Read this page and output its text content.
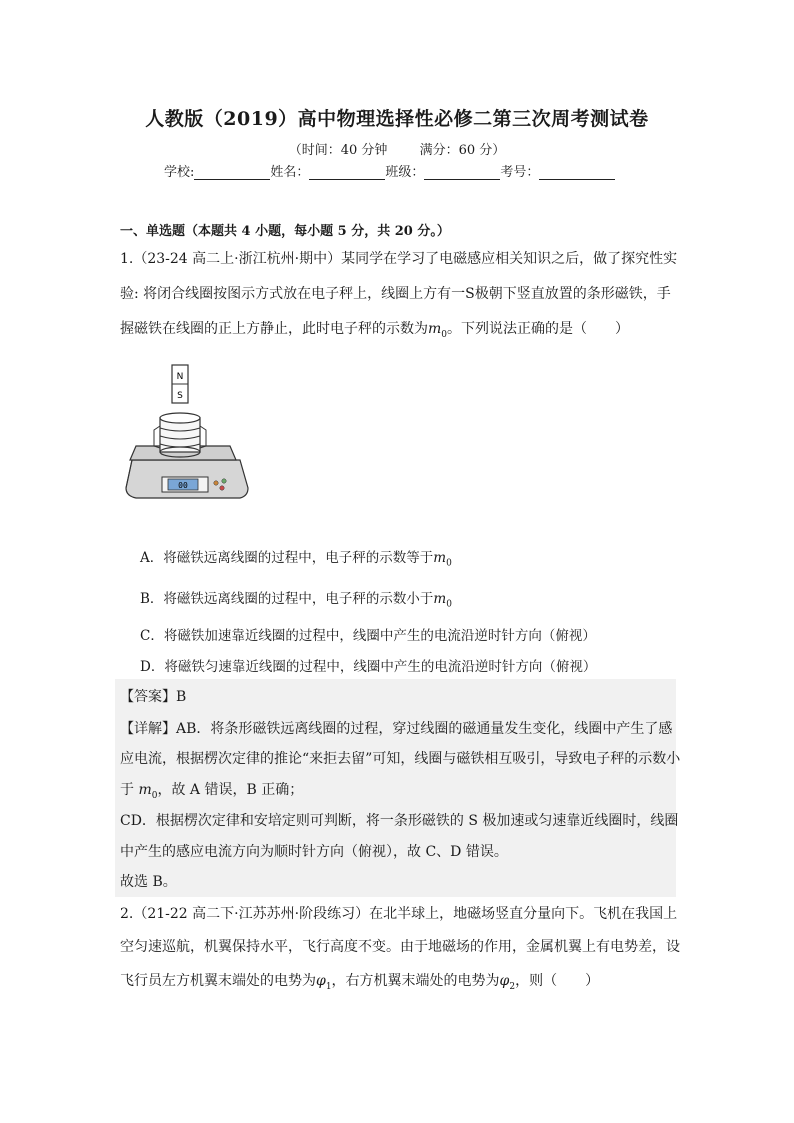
人教版（2019）高中物理选择性必修二第三次周考测试卷
（时间：40 分钟 满分：60 分）
学校:	姓名：	班级：	考号：
一、单选题（本题共 4 小题，每小题 5 分，共 20 分。）
1.（23-24 高二上·浙江杭州·期中）某同学在学习了电磁感应相关知识之后，做了探究性实
验: 将闭合线圈按图示方式放在电子秤上，线圈上方有一S极朝下竖直放置的条形磁铁，手
握磁铁在线圈的正上方静止，此时电子秤的示数为$m_0$。下列说法正确的是（　　）
N
S
00
A．将磁铁远离线圈的过程中，电子秤的示数等于$m_0$
B．将磁铁远离线圈的过程中，电子秤的示数小于$m_0$
C．将磁铁加速靠近线圈的过程中，线圈中产生的电流沿逆时针方向（俯视）
D．将磁铁匀速靠近线圈的过程中，线圈中产生的电流沿逆时针方向（俯视）
【答案】B
【详解】AB．将条形磁铁远离线圈的过程，穿过线圈的磁通量发生变化，线圈中产生了感
应电流，根据楞次定律的推论“来拒去留”可知，线圈与磁铁相互吸引，导致电子秤的示数小
于 $m_0$，故 A 错误，B 正确；
CD．根据楞次定律和安培定则可判断，将一条形磁铁的 S 极加速或匀速靠近线圈时，线圈
中产生的感应电流方向为顺时针方向（俯视），故 C、D 错误。
故选 B。
2.（21-22 高二下·江苏苏州·阶段练习）在北半球上，地磁场竖直分量向下。飞机在我国上
空匀速巡航，机翼保持水平，飞行高度不变。由于地磁场的作用，金属机翼上有电势差，设
飞行员左方机翼末端处的电势为$\varphi_1$，右方机翼末端处的电势为$\varphi_2$，则（　　）
